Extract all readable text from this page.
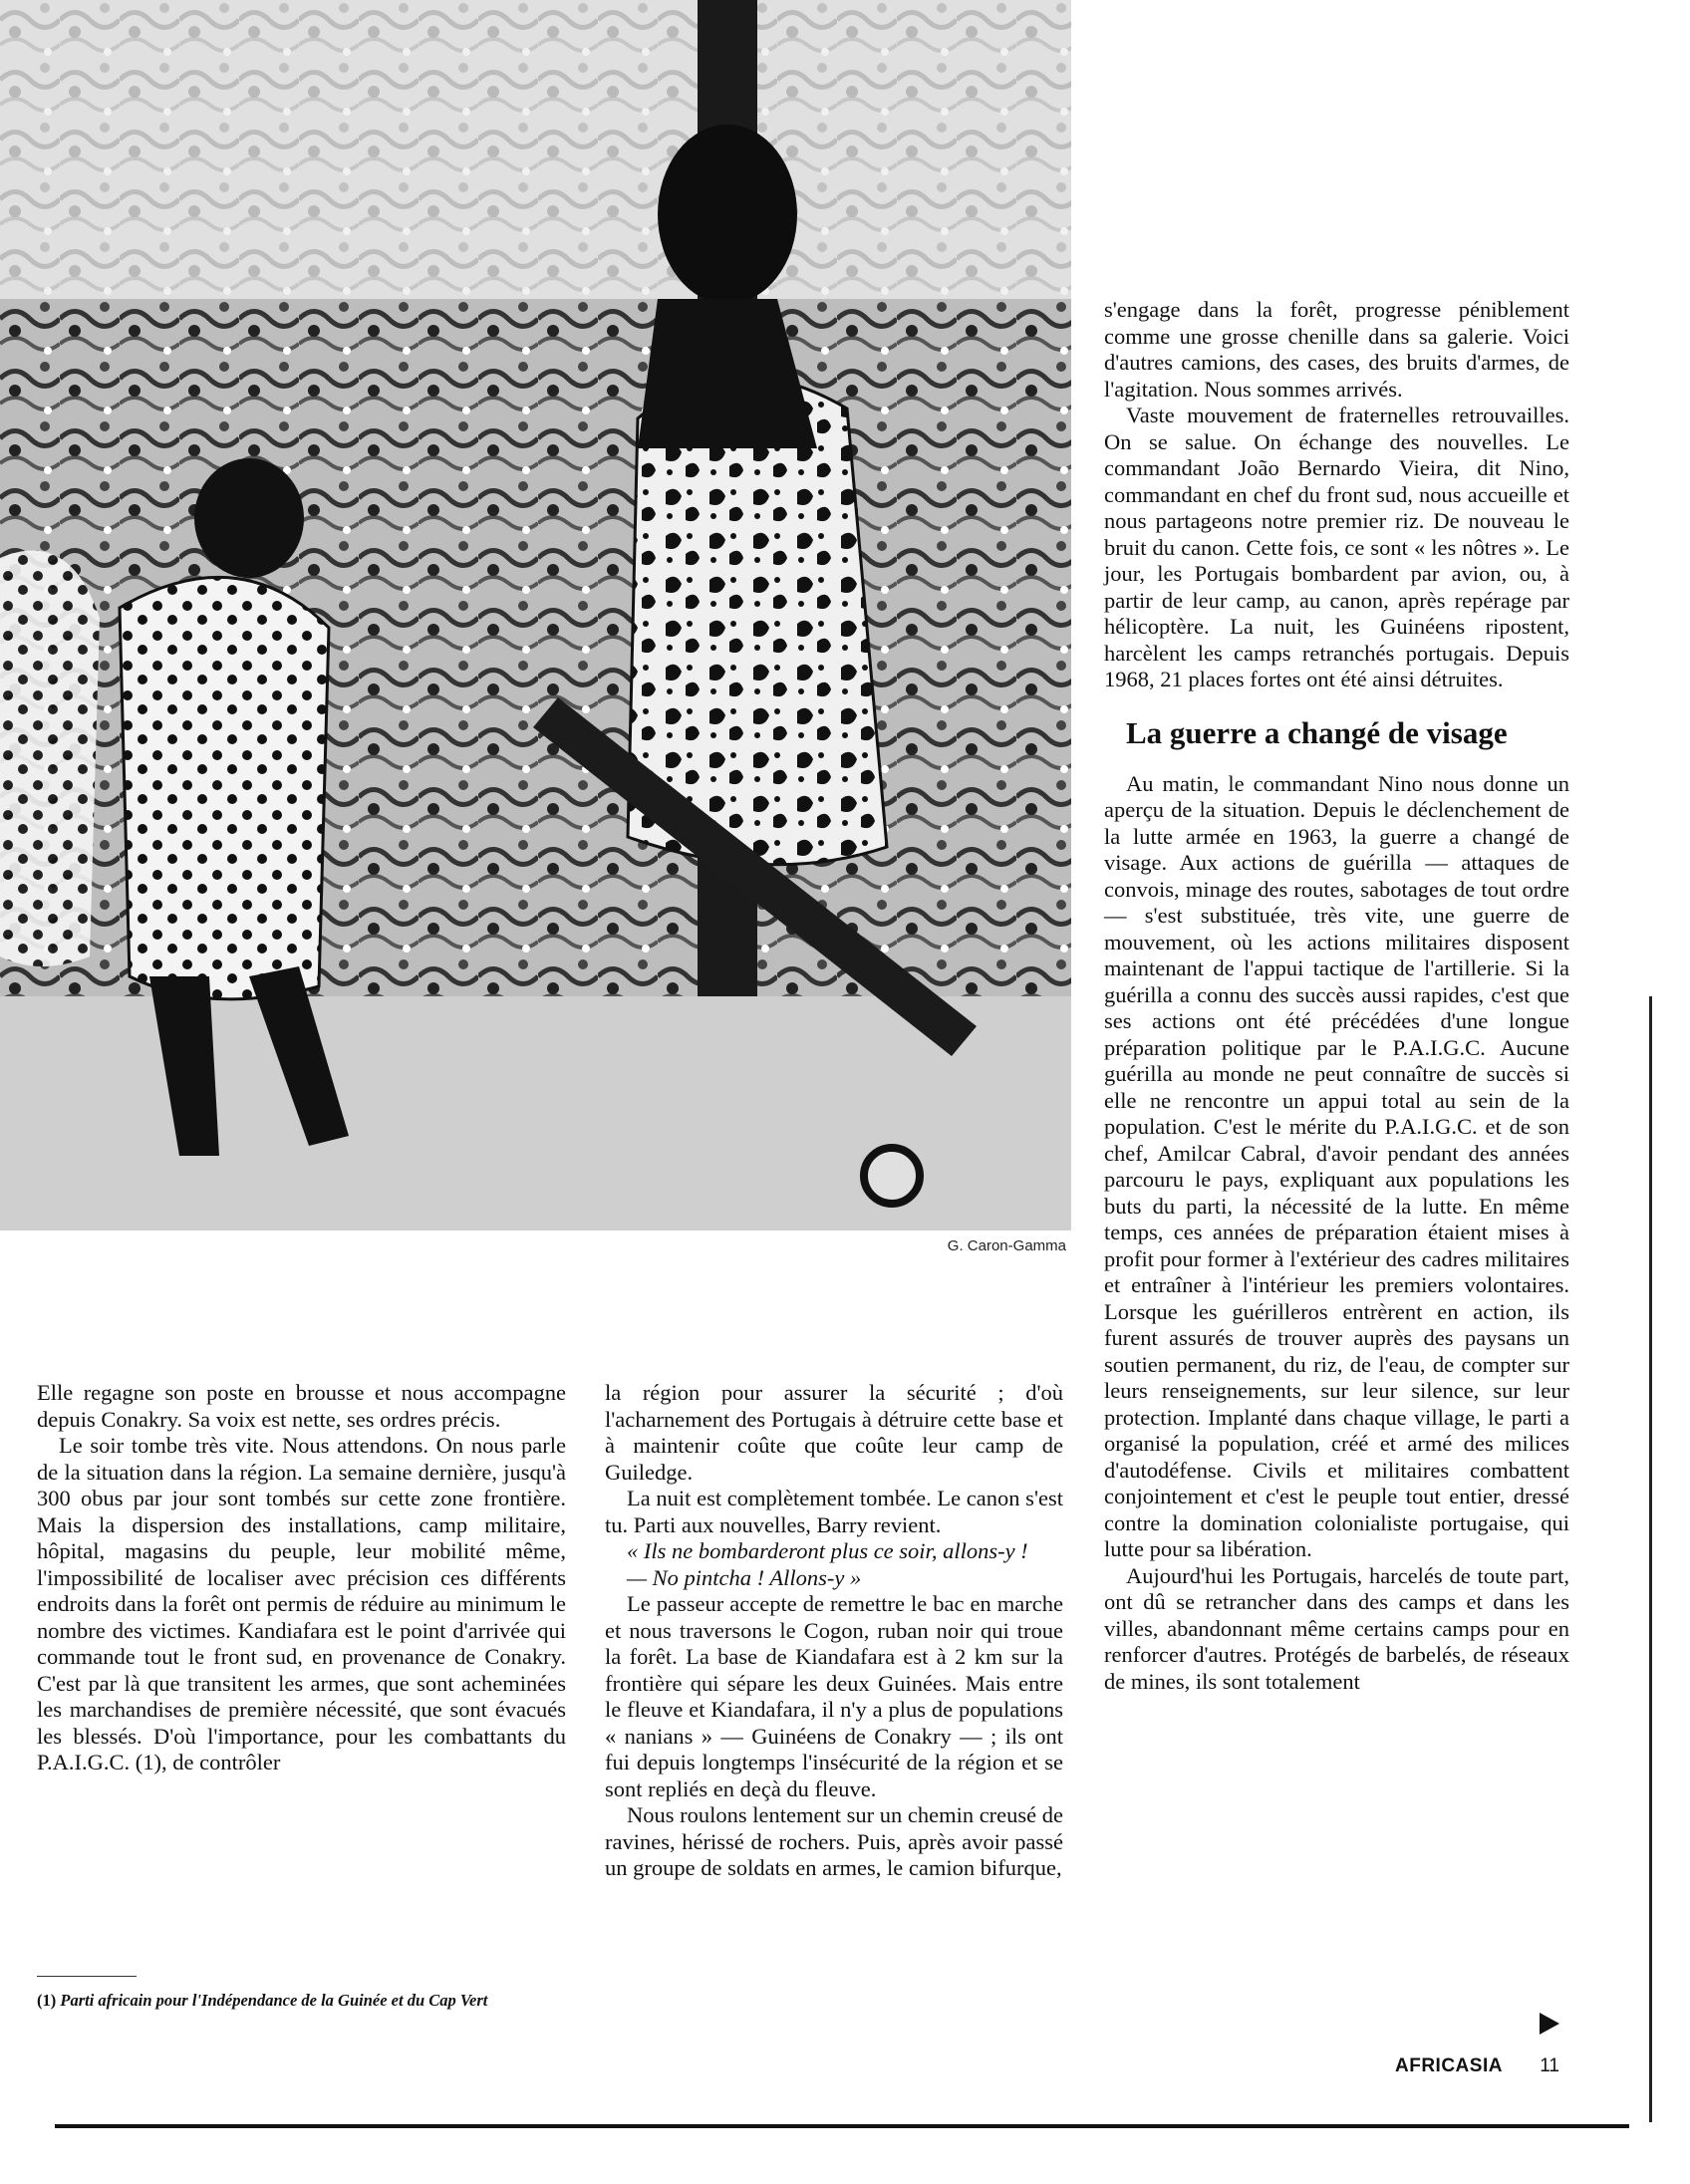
G. Caron-Gamma

Elle regagne son poste en brousse et nous accompagne depuis Conakry. Sa voix est nette, ses ordres précis.

Le soir tombe très vite. Nous attendons. On nous parle de la situation dans la région. La semaine dernière, jusqu'à 300 obus par jour sont tombés sur cette zone frontière. Mais la dispersion des installations, camp militaire, hôpital, magasins du peuple, leur mobilité même, l'impossibilité de localiser avec précision ces différents endroits dans la forêt ont permis de réduire au minimum le nombre des victimes. Kandiafara est le point d'arrivée qui commande tout le front sud, en provenance de Conakry. C'est par là que transitent les armes, que sont acheminées les marchandises de première nécessité, que sont évacués les blessés. D'où l'importance, pour les combattants du P.A.I.G.C. (1), de contrôler

(1) Parti africain pour l'Indépendance de la Guinée et du Cap Vert

la région pour assurer la sécurité ; d'où l'acharnement des Portugais à détruire cette base et à maintenir coûte que coûte leur camp de Guiledge.

La nuit est complètement tombée. Le canon s'est tu. Parti aux nouvelles, Barry revient.

« Ils ne bombarderont plus ce soir, allons-y !

— No pintcha ! Allons-y »

Le passeur accepte de remettre le bac en marche et nous traversons le Cogon, ruban noir qui troue la forêt. La base de Kiandafara est à 2 km sur la frontière qui sépare les deux Guinées. Mais entre le fleuve et Kiandafara, il n'y a plus de populations « nanians » — Guinéens de Conakry — ; ils ont fui depuis longtemps l'insécurité de la région et se sont repliés en deçà du fleuve.

Nous roulons lentement sur un chemin creusé de ravines, hérissé de rochers. Puis, après avoir passé un groupe de soldats en armes, le camion bifurque,

s'engage dans la forêt, progresse péniblement comme une grosse chenille dans sa galerie. Voici d'autres camions, des cases, des bruits d'armes, de l'agitation. Nous sommes arrivés.

Vaste mouvement de fraternelles retrouvailles. On se salue. On échange des nouvelles. Le commandant João Bernardo Vieira, dit Nino, commandant en chef du front sud, nous accueille et nous partageons notre premier riz. De nouveau le bruit du canon. Cette fois, ce sont « les nôtres ». Le jour, les Portugais bombardent par avion, ou, à partir de leur camp, au canon, après repérage par hélicoptère. La nuit, les Guinéens ripostent, harcèlent les camps retranchés portugais. Depuis 1968, 21 places fortes ont été ainsi détruites.

La guerre a changé de visage

Au matin, le commandant Nino nous donne un aperçu de la situation. Depuis le déclenchement de la lutte armée en 1963, la guerre a changé de visage. Aux actions de guérilla — attaques de convois, minage des routes, sabotages de tout ordre — s'est substituée, très vite, une guerre de mouvement, où les actions militaires disposent maintenant de l'appui tactique de l'artillerie. Si la guérilla a connu des succès aussi rapides, c'est que ses actions ont été précédées d'une longue préparation politique par le P.A.I.G.C. Aucune guérilla au monde ne peut connaître de succès si elle ne rencontre un appui total au sein de la population. C'est le mérite du P.A.I.G.C. et de son chef, Amilcar Cabral, d'avoir pendant des années parcouru le pays, expliquant aux populations les buts du parti, la nécessité de la lutte. En même temps, ces années de préparation étaient mises à profit pour former à l'extérieur des cadres militaires et entraîner à l'intérieur les premiers volontaires. Lorsque les guérilleros entrèrent en action, ils furent assurés de trouver auprès des paysans un soutien permanent, du riz, de l'eau, de compter sur leurs renseignements, sur leur silence, sur leur protection. Implanté dans chaque village, le parti a organisé la population, créé et armé des milices d'autodéfense. Civils et militaires combattent conjointement et c'est le peuple tout entier, dressé contre la domination colonialiste portugaise, qui lutte pour sa libération.

Aujourd'hui les Portugais, harcelés de toute part, ont dû se retrancher dans des camps et dans les villes, abandonnant même certains camps pour en renforcer d'autres. Protégés de barbelés, de réseaux de mines, ils sont totalement

AFRICASIA 11
